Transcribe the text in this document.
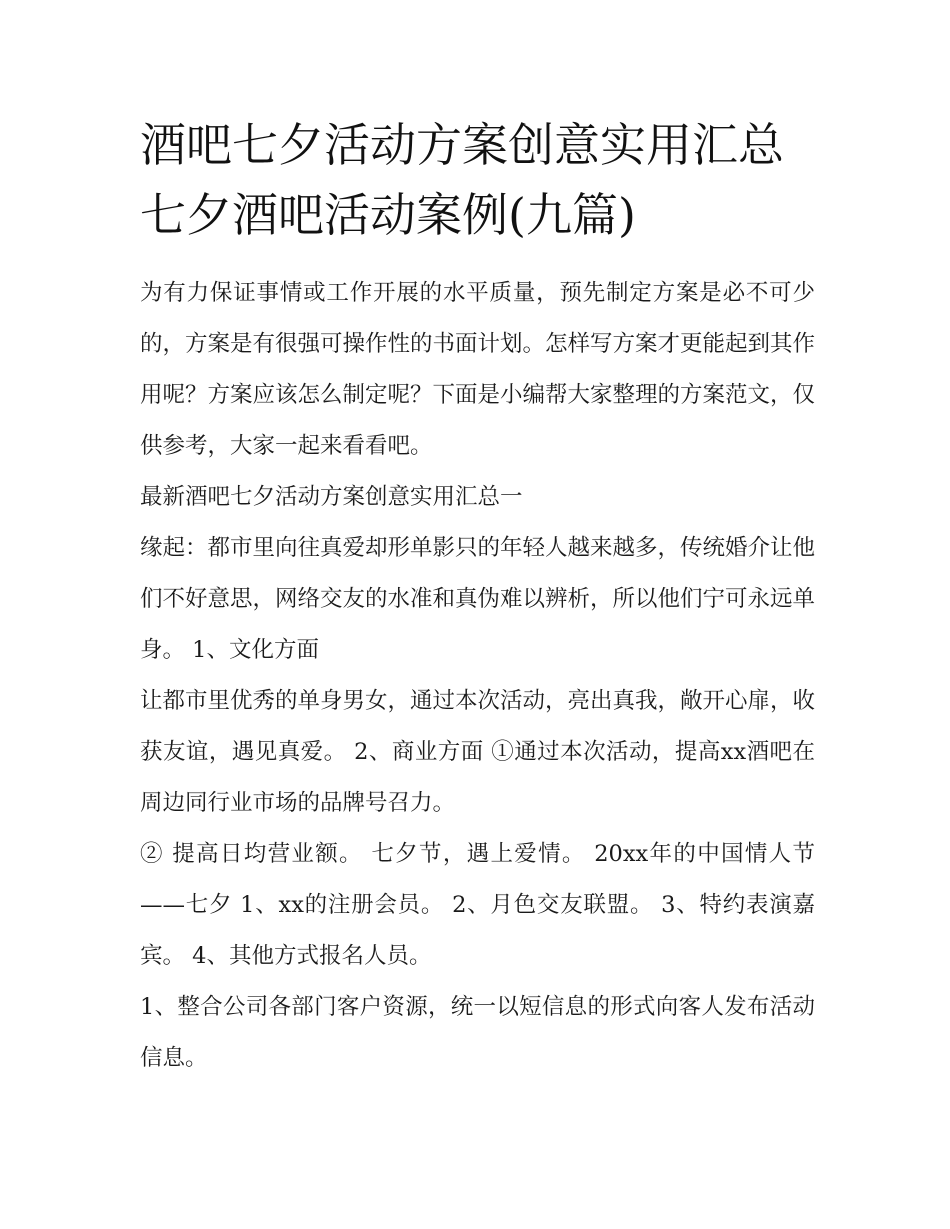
酒吧七夕活动方案创意实用汇总 七夕酒吧活动案例(九篇)

为有力保证事情或工作开展的水平质量，预先制定方案是必不可少的，方案是有很强可操作性的书面计划。怎样写方案才更能起到其作用呢？方案应该怎么制定呢？下面是小编帮大家整理的方案范文，仅供参考，大家一起来看看吧。

最新酒吧七夕活动方案创意实用汇总一

缘起：都市里向往真爱却形单影只的年轻人越来越多，传统婚介让他们不好意思，网络交友的水准和真伪难以辨析，所以他们宁可永远单身。 1、文化方面

让都市里优秀的单身男女，通过本次活动，亮出真我，敞开心扉，收获友谊，遇见真爱。 2、商业方面 ①通过本次活动，提高xx酒吧在周边同行业市场的品牌号召力。

② 提高日均营业额。 七夕节，遇上爱情。 20xx年的中国情人节——七夕 1、xx的注册会员。 2、月色交友联盟。 3、特约表演嘉宾。 4、其他方式报名人员。

1、整合公司各部门客户资源，统一以短信息的形式向客人发布活动信息。
